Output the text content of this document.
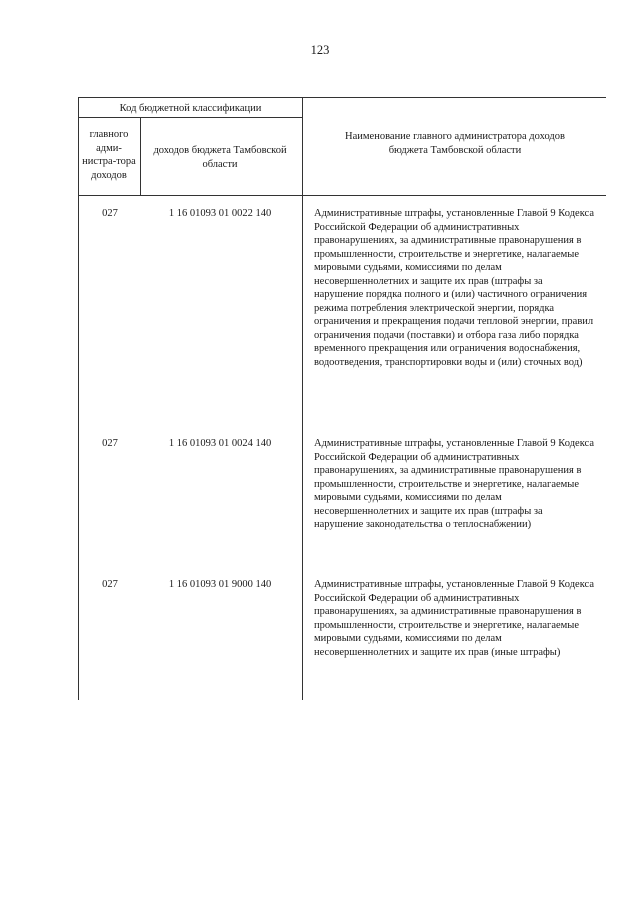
123
Код бюджетной классификации
главного адми-нистра-тора доходов
доходов бюджета Тамбовской области
Наименование главного администратора доходов бюджета Тамбовской области
027	1 16 01093 01 0022 140	Административные штрафы, установленные Главой 9 Кодекса Российской Федерации об административных правонарушениях, за административные правонарушения в промышленности, строительстве и энергетике, налагаемые мировыми судьями, комиссиями по делам несовершеннолетних и защите их прав (штрафы за нарушение порядка полного и (или) частичного ограничения режима потребления электрической энергии, порядка ограничения и прекращения подачи тепловой энергии, правил ограничения подачи (поставки) и отбора газа либо порядка временного прекращения или ограничения водоснабжения, водоотведения, транспортировки воды и (или) сточных вод)
027	1 16 01093 01 0024 140	Административные штрафы, установленные Главой 9 Кодекса Российской Федерации об административных правонарушениях, за административные правонарушения в промышленности, строительстве и энергетике, налагаемые мировыми судьями, комиссиями по делам несовершеннолетних и защите их прав (штрафы за нарушение законодательства о теплоснабжении)
027	1 16 01093 01 9000 140	Административные штрафы, установленные Главой 9 Кодекса Российской Федерации об административных правонарушениях, за административные правонарушения в промышленности, строительстве и энергетике, налагаемые мировыми судьями, комиссиями по делам несовершеннолетних и защите их прав (иные штрафы)
